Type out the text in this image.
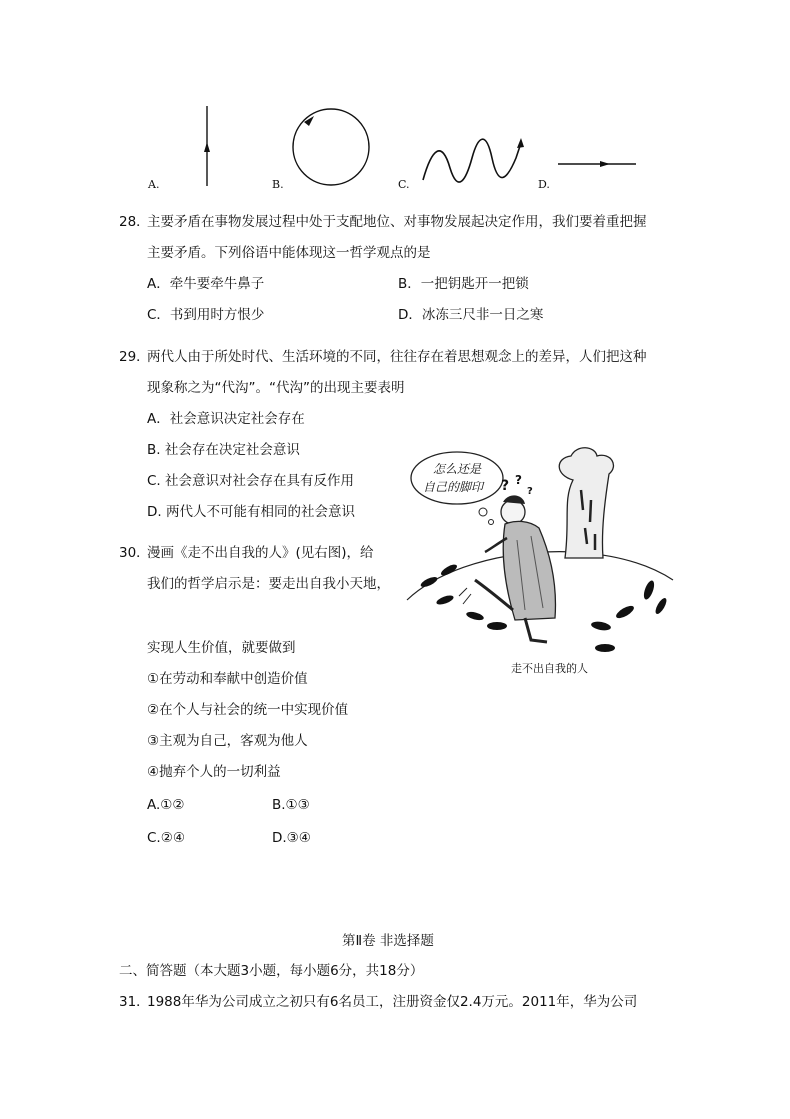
A.	B.	C.	D.
28．
主要矛盾在事物发展过程中处于支配地位、对事物发展起决定作用，我们要着重把握
主要矛盾。下列俗语中能体现这一哲学观点的是
A．牵牛要牵牛鼻子	B．一把钥匙开一把锁
C．书到用时方恨少	D．冰冻三尺非一日之寒
29．
两代人由于所处时代、生活环境的不同，往往存在着思想观念上的差异，人们把这种
现象称之为“代沟”。“代沟”的出现主要表明
A．社会意识决定社会存在
B. 社会存在决定社会意识
C. 社会意识对社会存在具有反作用
D. 两代人不可能有相同的社会意识
30．
漫画《走不出自我的人》(见右图)，给
我们的哲学启示是：要走出自我小天地，
实现人生价值，就要做到
①在劳动和奉献中创造价值
②在个人与社会的统一中实现价值
③主观为自己，客观为他人
④抛弃个人的一切利益
A.①②	B.①③
C.②④	D.③④
? ?
?
怎么还是
自己的脚印
走不出自我的人
第Ⅱ卷 非选择题
二、简答题（本大题3小题，每小题6分，共18分）
31．
1988年华为公司成立之初只有6名员工，注册资金仅2.4万元。2011年，华为公司
